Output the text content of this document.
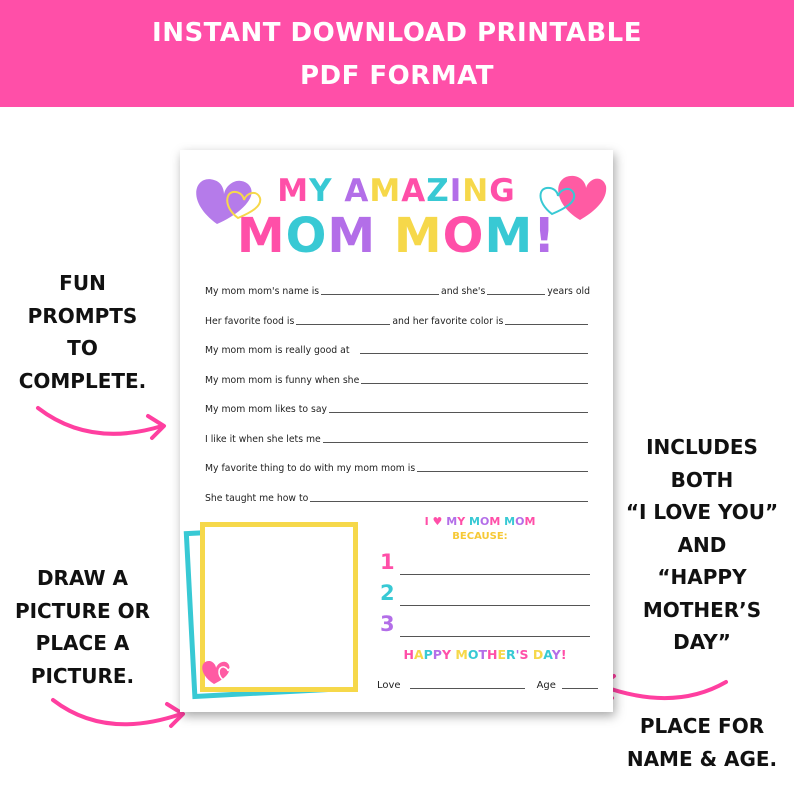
INSTANT DOWNLOAD PRINTABLE
PDF FORMAT
FUN
PROMPTS
TO
COMPLETE.
DRAW A
PICTURE OR
PLACE A
PICTURE.
INCLUDES
BOTH
“I LOVE YOU”
AND
“HAPPY
MOTHER’S
DAY”
PLACE FOR
NAME & AGE.
MY AMAZING
MOM MOM!
My mom mom's name is	and she's	years old
Her favorite food is	and her favorite color is
My mom mom is really good at
My mom mom is funny when she
My mom mom likes to say
I like it when she lets me
My favorite thing to do with my mom mom is
She taught me how to
I ♥ MY MOM MOM
BECAUSE:
1
2
3
HAPPY MOTHER'S DAY!
Love	Age
